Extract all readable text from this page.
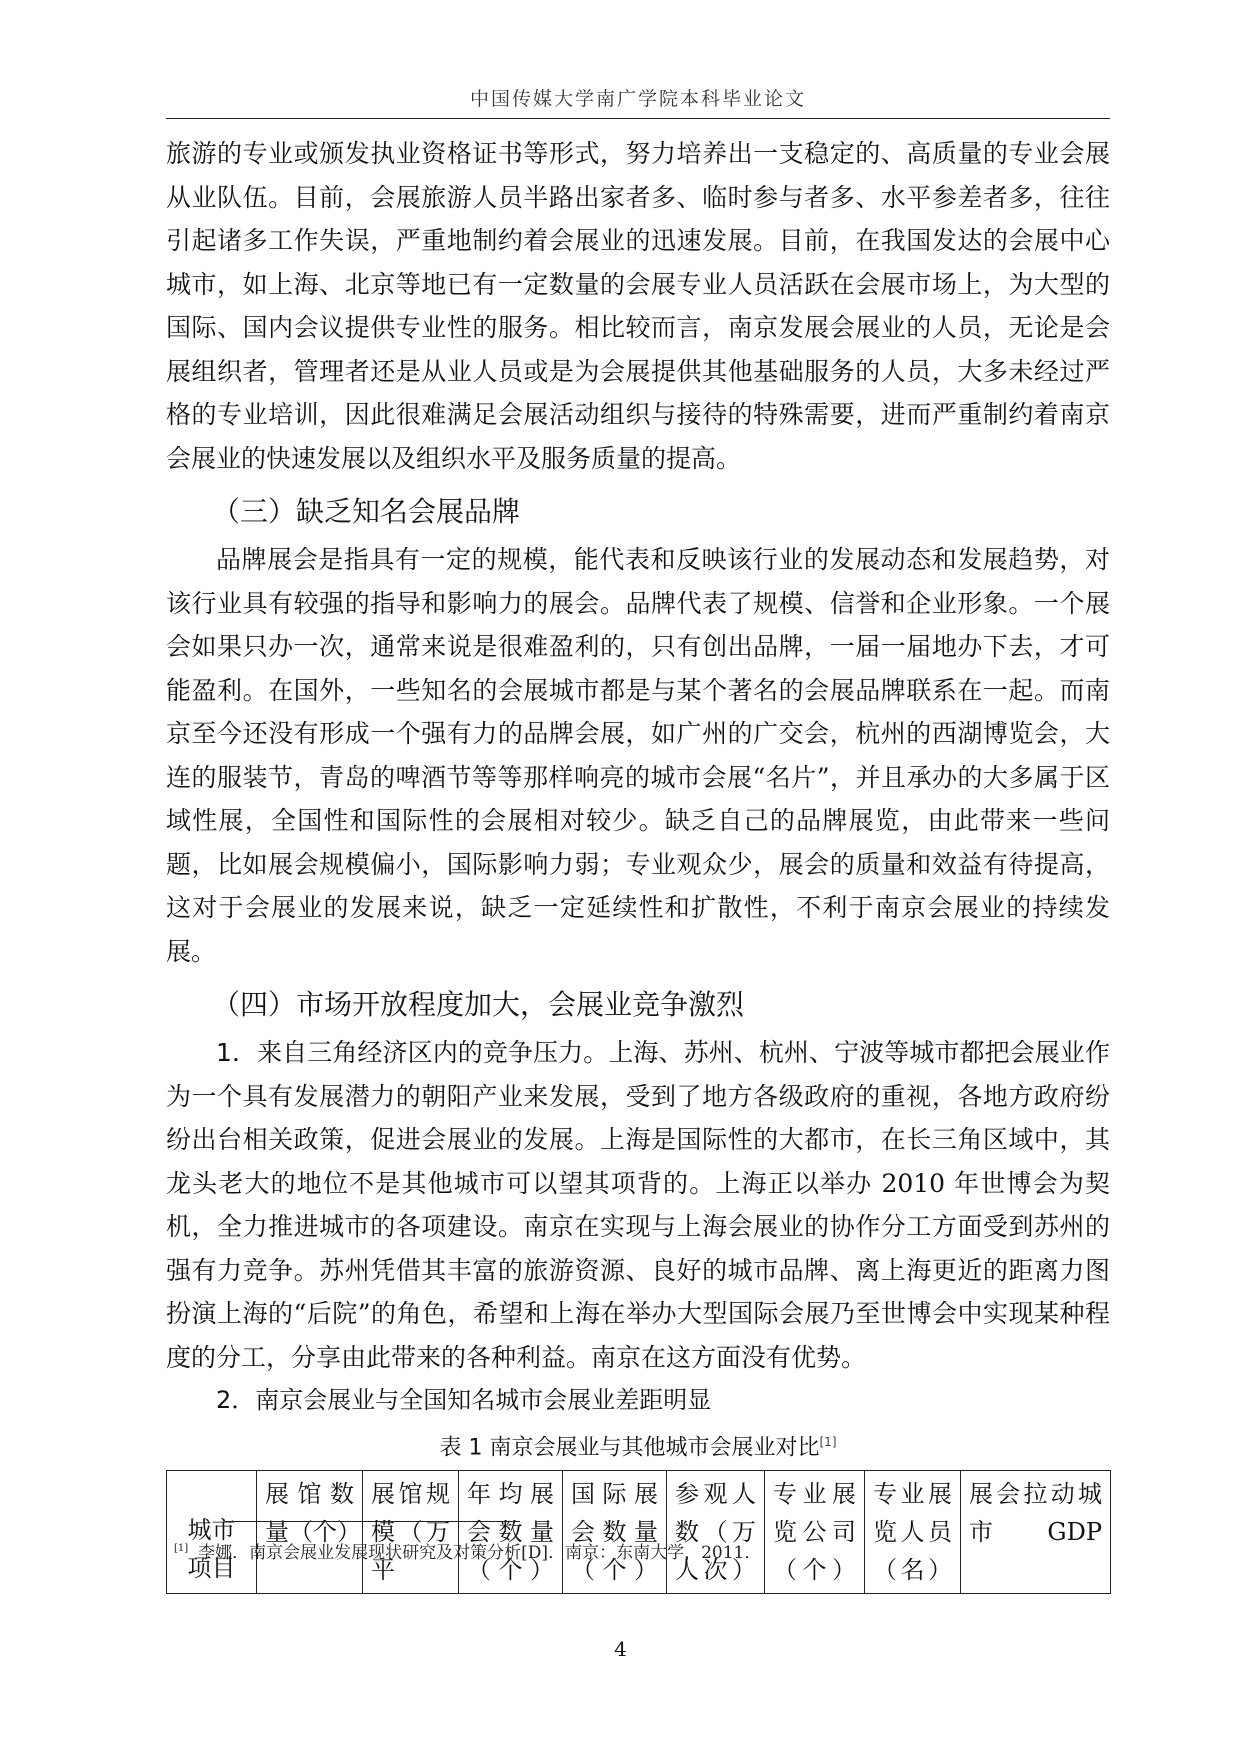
中国传媒大学南广学院本科毕业论文

旅游的专业或颁发执业资格证书等形式，努力培养出一支稳定的、高质量的专业会展从业队伍。目前，会展旅游人员半路出家者多、临时参与者多、水平参差者多，往往引起诸多工作失误，严重地制约着会展业的迅速发展。目前，在我国发达的会展中心城市，如上海、北京等地已有一定数量的会展专业人员活跃在会展市场上，为大型的国际、国内会议提供专业性的服务。相比较而言，南京发展会展业的人员，无论是会展组织者，管理者还是从业人员或是为会展提供其他基础服务的人员，大多未经过严格的专业培训，因此很难满足会展活动组织与接待的特殊需要，进而严重制约着南京会展业的快速发展以及组织水平及服务质量的提高。

（三）缺乏知名会展品牌

品牌展会是指具有一定的规模，能代表和反映该行业的发展动态和发展趋势，对该行业具有较强的指导和影响力的展会。品牌代表了规模、信誉和企业形象。一个展会如果只办一次，通常来说是很难盈利的，只有创出品牌，一届一届地办下去，才可能盈利。在国外，一些知名的会展城市都是与某个著名的会展品牌联系在一起。而南京至今还没有形成一个强有力的品牌会展，如广州的广交会，杭州的西湖博览会，大连的服装节，青岛的啤酒节等等那样响亮的城市会展“名片”，并且承办的大多属于区域性展，全国性和国际性的会展相对较少。缺乏自己的品牌展览，由此带来一些问题，比如展会规模偏小，国际影响力弱；专业观众少，展会的质量和效益有待提高，这对于会展业的发展来说，缺乏一定延续性和扩散性，不利于南京会展业的持续发展。

（四）市场开放程度加大，会展业竞争激烈

1．来自三角经济区内的竞争压力。上海、苏州、杭州、宁波等城市都把会展业作为一个具有发展潜力的朝阳产业来发展，受到了地方各级政府的重视，各地方政府纷纷出台相关政策，促进会展业的发展。上海是国际性的大都市，在长三角区域中，其龙头老大的地位不是其他城市可以望其项背的。上海正以举办 2010 年世博会为契机，全力推进城市的各项建设。南京在实现与上海会展业的协作分工方面受到苏州的强有力竞争。苏州凭借其丰富的旅游资源、良好的城市品牌、离上海更近的距离力图扮演上海的“后院”的角色，希望和上海在举办大型国际会展乃至世博会中实现某种程度的分工，分享由此带来的各种利益。南京在这方面没有优势。

2．南京会展业与全国知名城市会展业差距明显

表 1 南京会展业与其他城市会展业对比[1]
城市
项目
	展馆数量（个）	展馆规模（万平	年均展会数量（个）	国际展会数量（个）	参观人数（万人次）	专业展览公司（个）	专业展览人员（名）	展会拉动城市GDP
[1] 李娜．南京会展业发展现状研究及对策分析[D]．南京：东南大学，2011．
4
